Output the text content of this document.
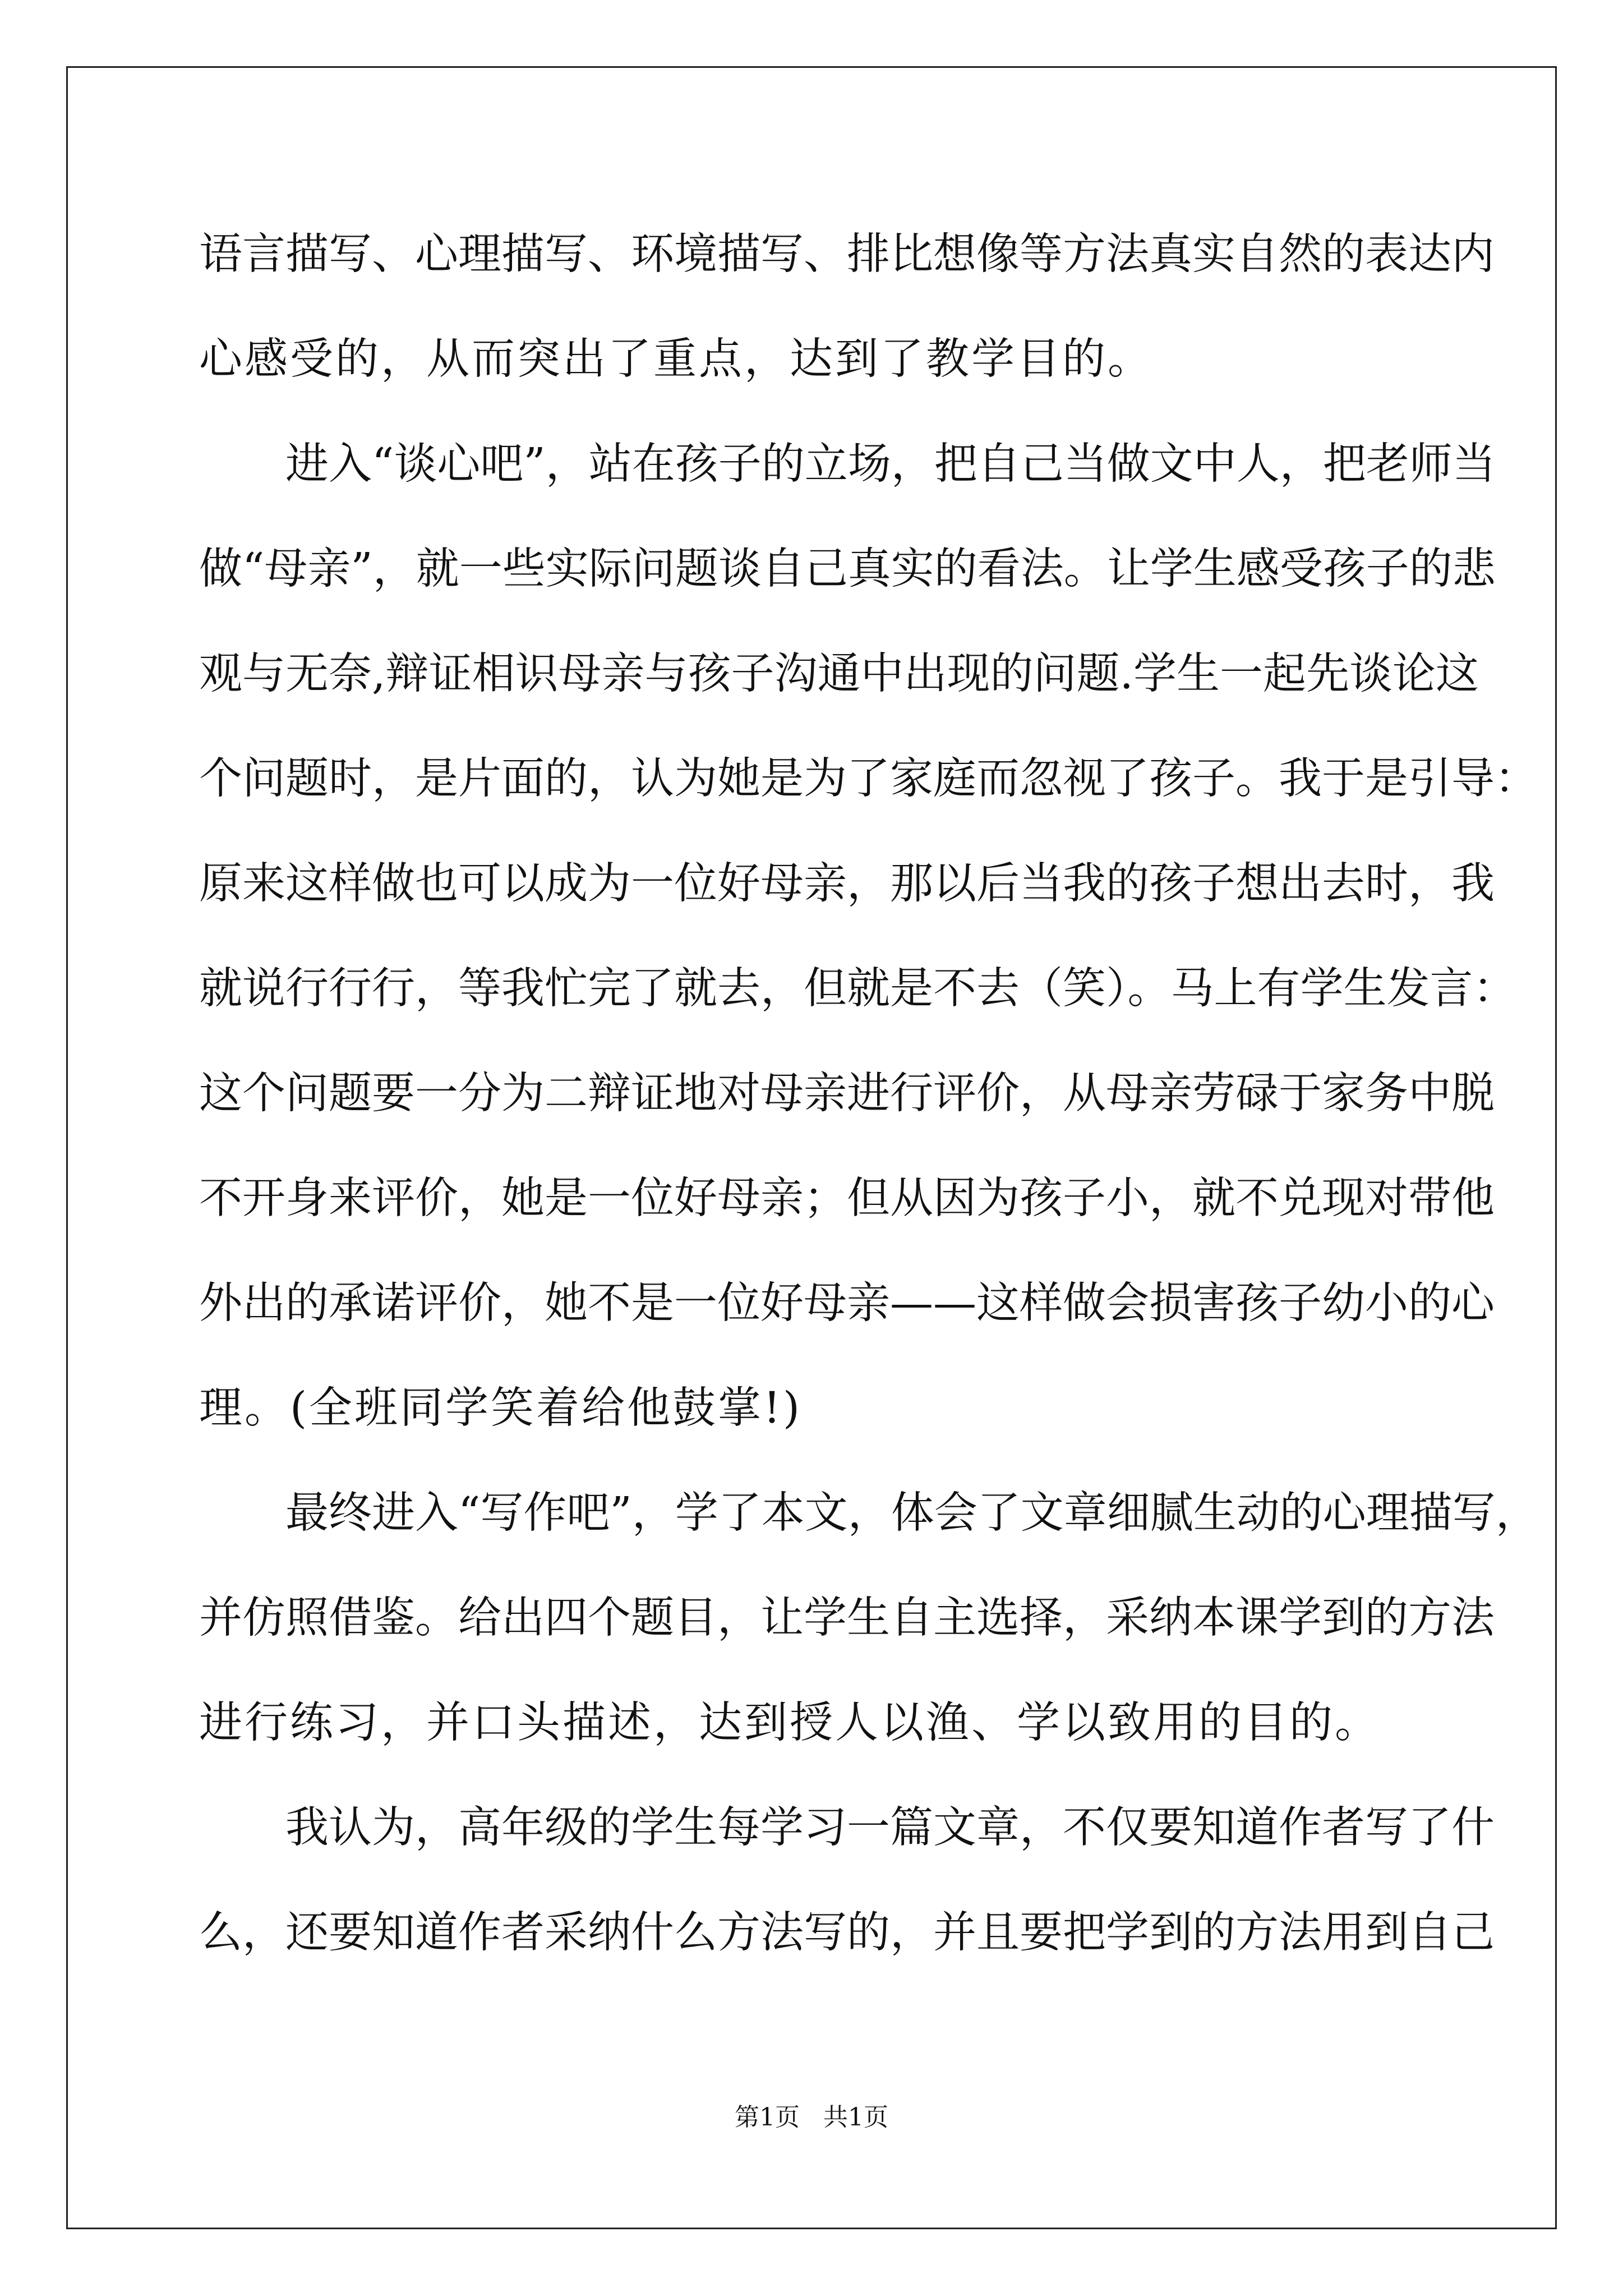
语言描写、心理描写、环境描写、排比想像等方法真实自然的表达内
心感受的，从而突出了重点，达到了教学目的。
　　进入“谈心吧”，站在孩子的立场，把自己当做文中人，把老师当
做“母亲”，就一些实际问题谈自己真实的看法。让学生感受孩子的悲
观与无奈,辩证相识母亲与孩子沟通中出现的问题.学生一起先谈论这
个问题时，是片面的，认为她是为了家庭而忽视了孩子。我于是引导：
原来这样做也可以成为一位好母亲，那以后当我的孩子想出去时，我
就说行行行，等我忙完了就去，但就是不去（笑）。马上有学生发言：
这个问题要一分为二辩证地对母亲进行评价，从母亲劳碌于家务中脱
不开身来评价，她是一位好母亲；但从因为孩子小，就不兑现对带他
外出的承诺评价，她不是一位好母亲——这样做会损害孩子幼小的心
理。(全班同学笑着给他鼓掌!)
　　最终进入“写作吧”，学了本文，体会了文章细腻生动的心理描写，
并仿照借鉴。给出四个题目，让学生自主选择，采纳本课学到的方法
进行练习，并口头描述，达到授人以渔、学以致用的目的。
　　我认为，高年级的学生每学习一篇文章，不仅要知道作者写了什
么，还要知道作者采纳什么方法写的，并且要把学到的方法用到自己
第1页 共1页
